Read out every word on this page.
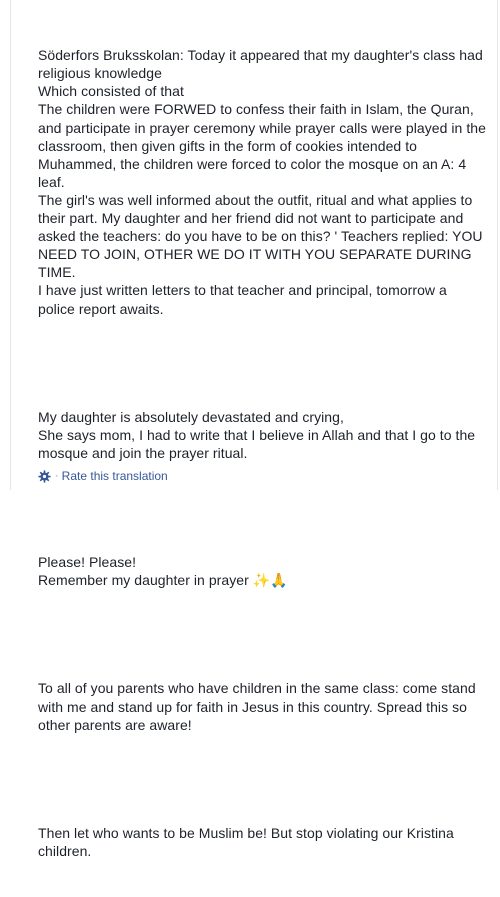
Söderfors Bruksskolan: Today it appeared that my daughter's class had religious knowledge
Which consisted of that
The children were FORWED to confess their faith in Islam, the Quran, and participate in prayer ceremony while prayer calls were played in the classroom, then given gifts in the form of cookies intended to Muhammed, the children were forced to color the mosque on an A: 4 leaf.
The girl's was well informed about the outfit, ritual and what applies to their part. My daughter and her friend did not want to participate and asked the teachers: do you have to be on this? ' Teachers replied: YOU NEED TO JOIN, OTHER WE DO IT WITH YOU SEPARATE DURING TIME.
I have just written letters to that teacher and principal, tomorrow a police report awaits.

My daughter is absolutely devastated and crying,
She says mom, I had to write that I believe in Allah and that I go to the mosque and join the prayer ritual.

Please! Please!
Remember my daughter in prayer ✨🙏

To all of you parents who have children in the same class: come stand with me and stand up for faith in Jesus in this country. Spread this so other parents are aware!

Then let who wants to be Muslim be! But stop violating our Kristina children.

· Rate this translation
